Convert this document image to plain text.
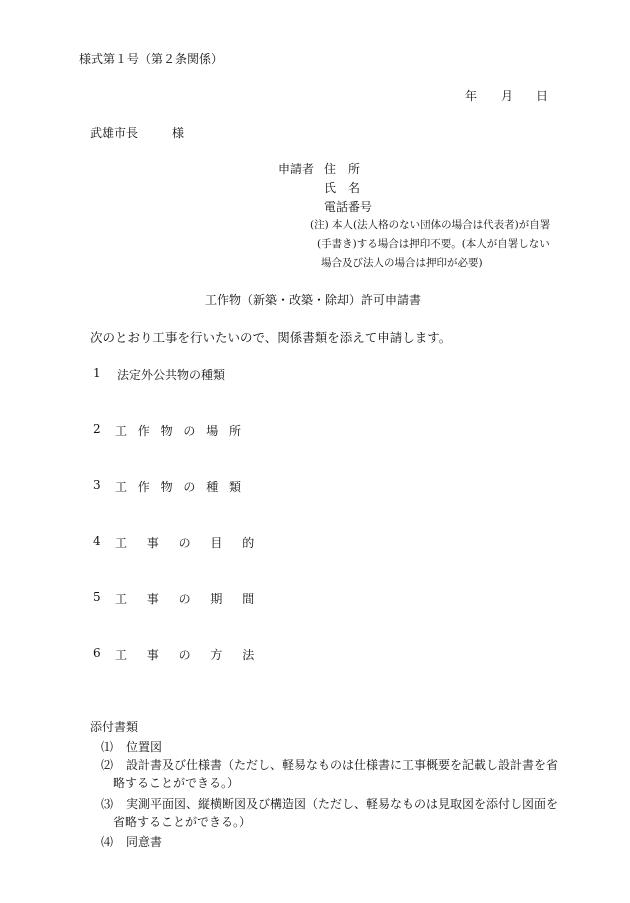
様式第１号（第２条関係）
年 月 日
武雄市長	様
申請者 住　所
氏　名
電話番号
(注) 本人(法人格のない団体の場合は代表者)が自署
(手書き)する場合は押印不要。(本人が自署しない
場合及び法人の場合は押印が必要)
工作物（新築・改築・除却）許可申請書
次のとおり工事を行いたいので、関係書類を添えて申請します。
1 法定外公共物の種類
2 工作物の場所
3 工作物の種類
4 工事の目的
5 工事の期間
6 工事の方法
添付書類
⑴ 位置図
⑵ 設計書及び仕様書（ただし、軽易なものは仕様書に工事概要を記載し設計書を省
略することができる。）
⑶ 実測平面図、縦横断図及び構造図（ただし、軽易なものは見取図を添付し図面を
省略することができる。）
⑷ 同意書
